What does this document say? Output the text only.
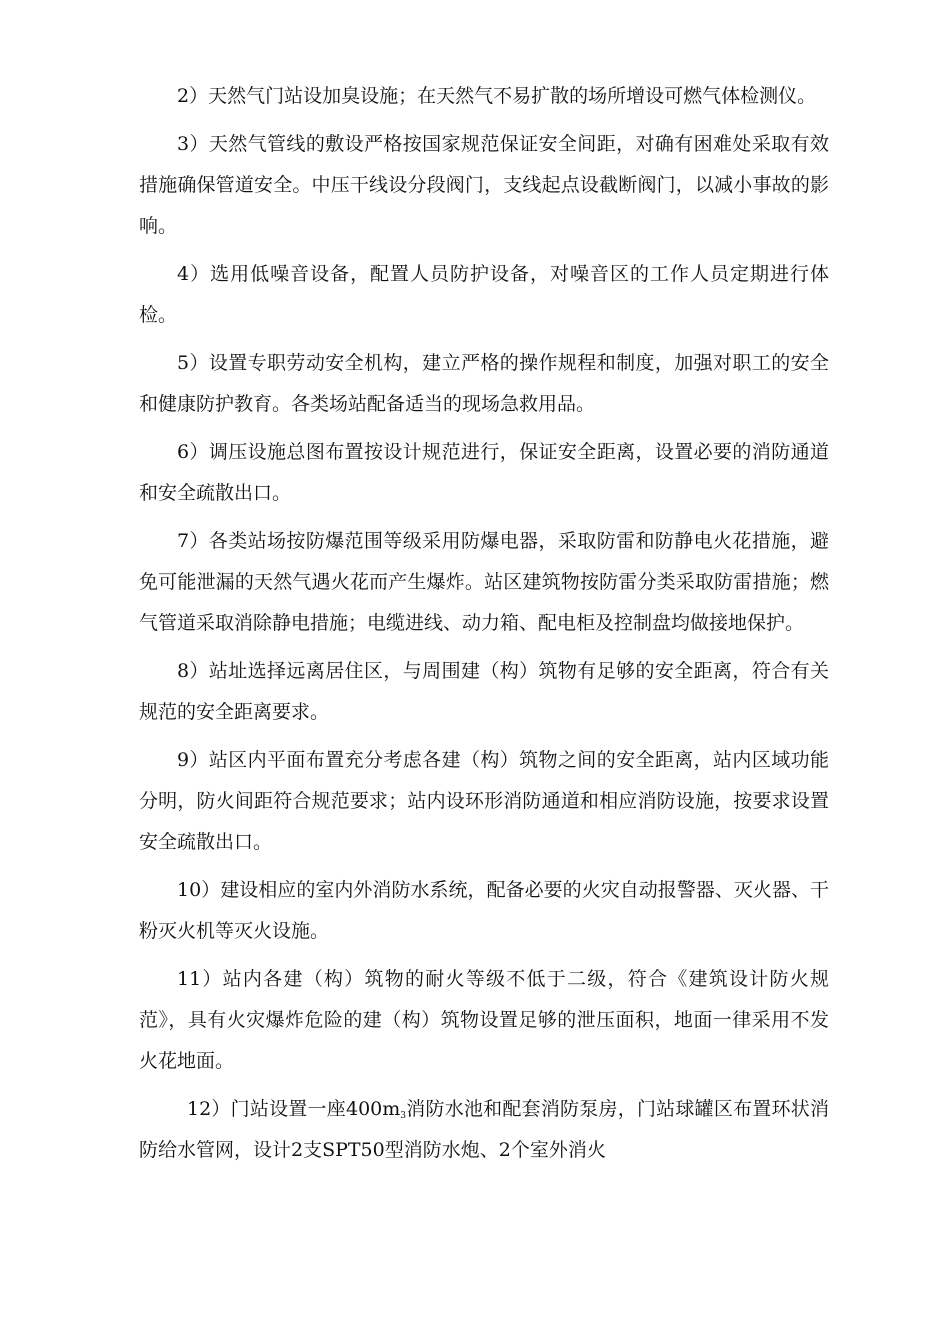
2）天然气门站设加臭设施；在天然气不易扩散的场所增设可燃气体检测仪。

3）天然气管线的敷设严格按国家规范保证安全间距，对确有困难处采取有效措施确保管道安全。中压干线设分段阀门，支线起点设截断阀门，以减小事故的影响。

4）选用低噪音设备，配置人员防护设备，对噪音区的工作人员定期进行体检。

5）设置专职劳动安全机构，建立严格的操作规程和制度，加强对职工的安全和健康防护教育。各类场站配备适当的现场急救用品。

6）调压设施总图布置按设计规范进行，保证安全距离，设置必要的消防通道和安全疏散出口。

7）各类站场按防爆范围等级采用防爆电器，采取防雷和防静电火花措施，避免可能泄漏的天然气遇火花而产生爆炸。站区建筑物按防雷分类采取防雷措施；燃气管道采取消除静电措施；电缆进线、动力箱、配电柜及控制盘均做接地保护。

8）站址选择远离居住区，与周围建（构）筑物有足够的安全距离，符合有关规范的安全距离要求。

9）站区内平面布置充分考虑各建（构）筑物之间的安全距离，站内区域功能分明，防火间距符合规范要求；站内设环形消防通道和相应消防设施，按要求设置安全疏散出口。

10）建设相应的室内外消防水系统，配备必要的火灾自动报警器、灭火器、干粉灭火机等灭火设施。

11）站内各建（构）筑物的耐火等级不低于二级，符合《建筑设计防火规范》，具有火灾爆炸危险的建（构）筑物设置足够的泄压面积，地面一律采用不发火花地面。

12）门站设置一座$400m_3$消防水池和配套消防泵房，门站球罐区布置环状消防给水管网，设计2支SPT50型消防水炮、2个室外消火
